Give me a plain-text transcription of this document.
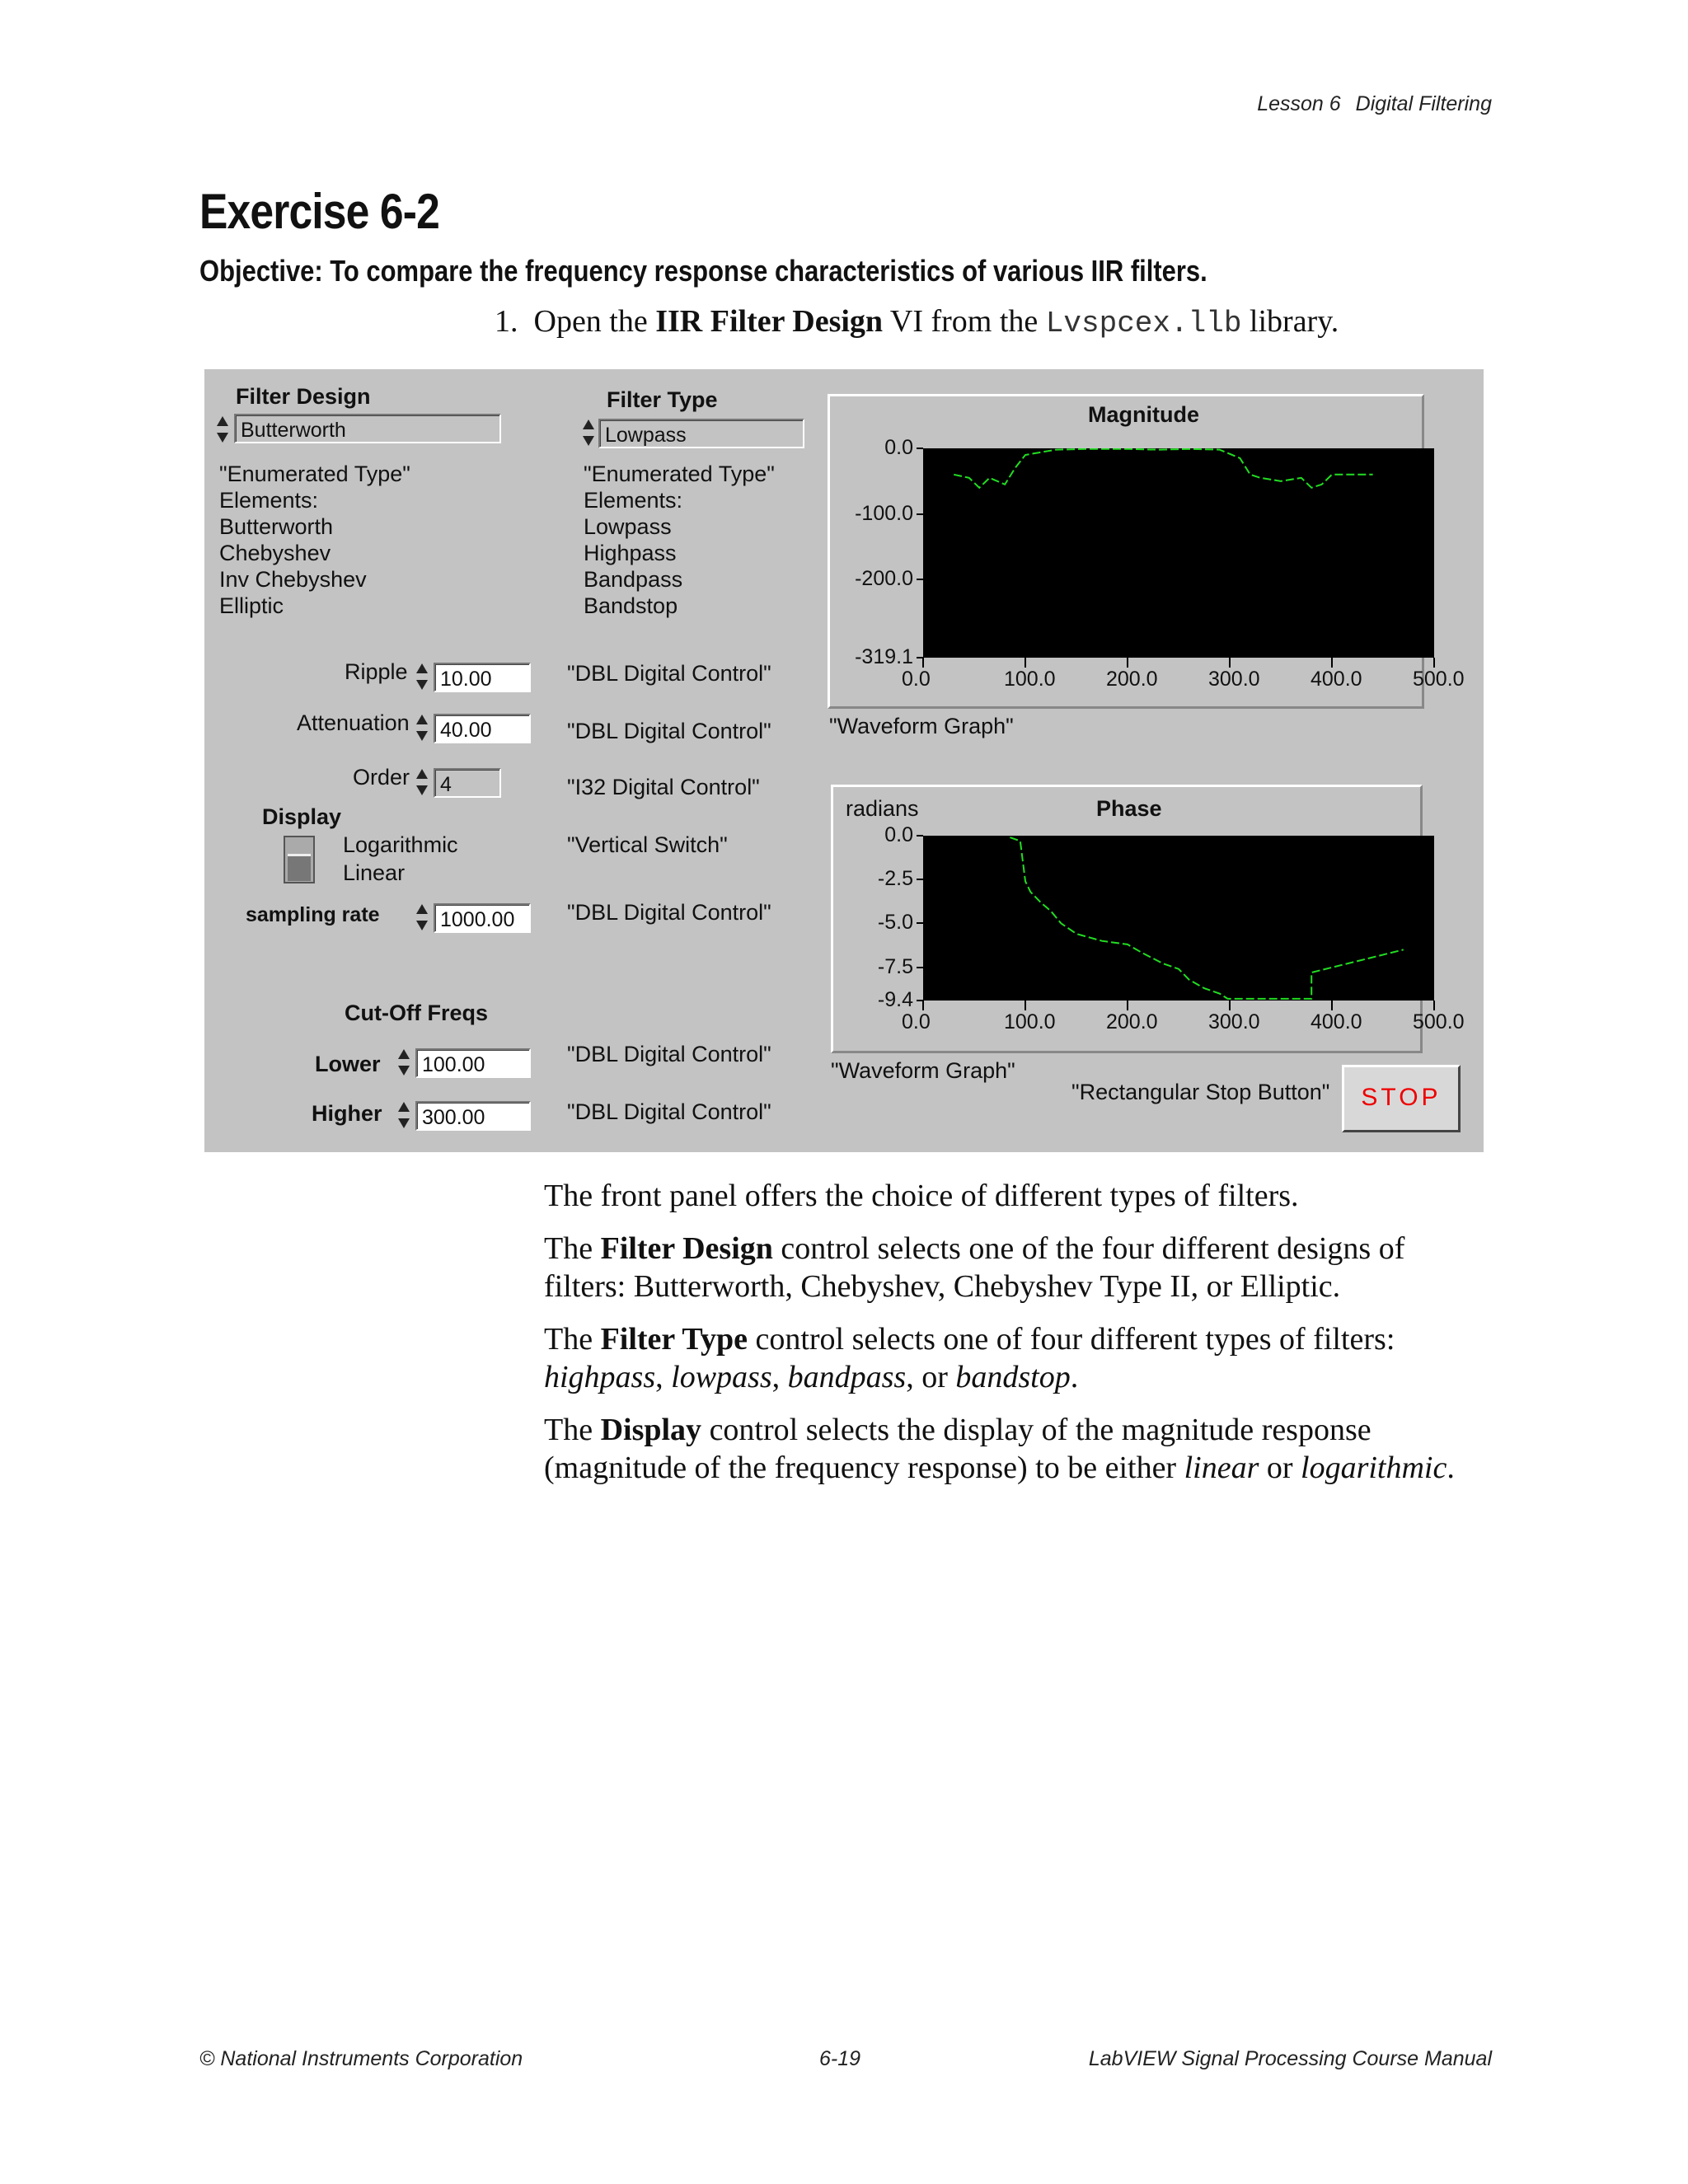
Lesson 6 Digital Filtering
Exercise 6-2
Objective: To compare the frequency response characteristics of various IIR filters.
1. Open the IIR Filter Design VI from the Lvspcex.llb library.
Filter Design
Butterworth
"Enumerated Type"
Elements:
Butterworth
Chebyshev
Inv Chebyshev
Elliptic
Filter Type
Lowpass
"Enumerated Type"
Elements:
Lowpass
Highpass
Bandpass
Bandstop
Ripple	10.00	"DBL Digital Control"
Attenuation	40.00	"DBL Digital Control"
Order	4	"I32 Digital Control"
Display
Logarithmic
Linear
"Vertical Switch"
sampling rate	1000.00	"DBL Digital Control"
Cut-Off Freqs
Lower	100.00	"DBL Digital Control"
Higher	300.00	"DBL Digital Control"
Magnitude
"Waveform Graph"
radians	Phase
"Waveform Graph"
"Rectangular Stop Button"	STOP
0.0
-100.0
-200.0
-319.1
0.0	100.0 200.0 300.0 400.0 500.0
0.0
-2.5
-5.0
-7.5
-9.4
0.0	100.0 200.0 300.0 400.0 500.0
The front panel offers the choice of different types of filters.
The Filter Design control selects one of the four different designs of filters: Butterworth, Chebyshev, Chebyshev Type II, or Elliptic.
The Filter Type control selects one of four different types of filters: highpass, lowpass, bandpass, or bandstop.
The Display control selects the display of the magnitude response (magnitude of the frequency response) to be either linear or logarithmic.
© National Instruments Corporation	6-19	LabVIEW Signal Processing Course Manual
